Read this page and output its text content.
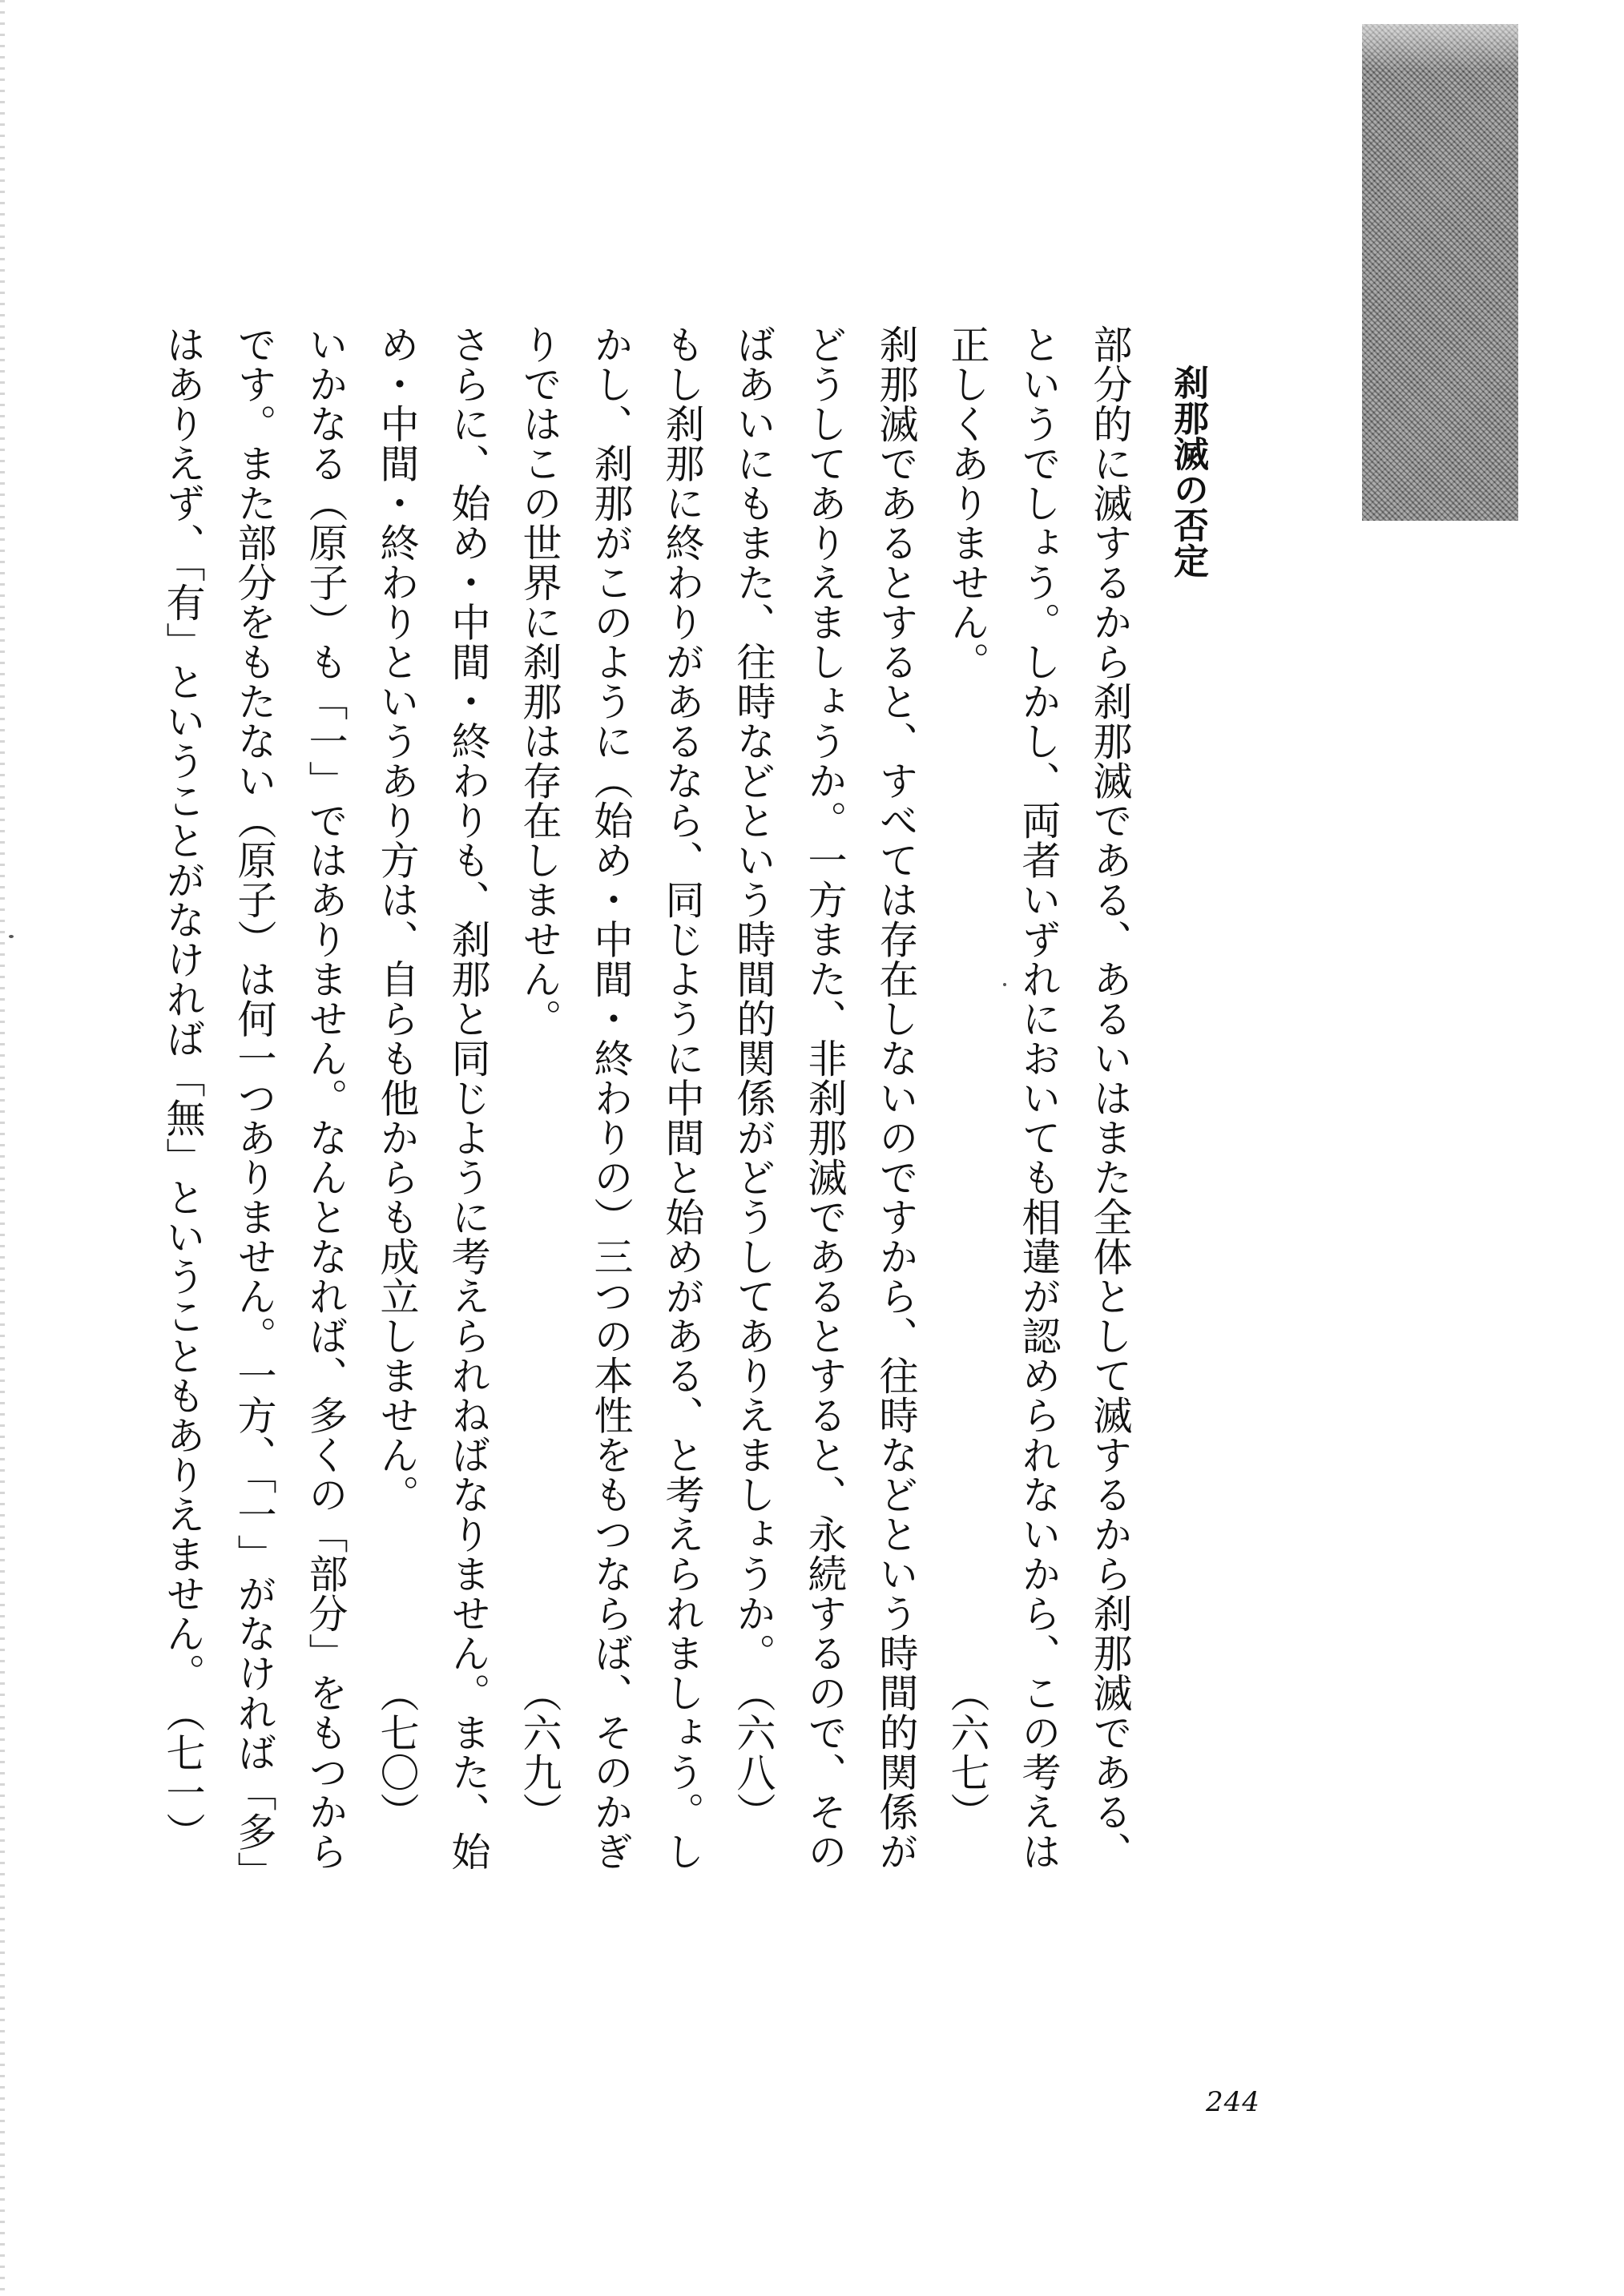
刹那滅の否定
部分的に滅するから刹那滅である、あるいはまた全体として滅するから刹那滅である、
というでしょう。しかし、両者いずれにおいても相違が認められないから、この考えは
正しくありません。　　　　　　　　　　　　　　　　　　　　　　　　　　（六七）
刹那滅であるとすると、すべては存在しないのですから、往時などという時間的関係が
どうしてありえましょうか。一方また、非刹那滅であるとすると、永続するので、その
ばあいにもまた、往時などという時間的関係がどうしてありえましょうか。　（六八）
もし刹那に終わりがあるなら、同じように中間と始めがある、と考えられましょう。し
かし、刹那がこのように（始め・中間・終わりの）三つの本性をもつならば、そのかぎ
りではこの世界に刹那は存在しません。　　　　　　　　　　　　　　　　　（六九）
さらに、始め・中間・終わりも、刹那と同じように考えられねばなりません。また、始
め・中間・終わりというあり方は、自らも他からも成立しません。　　　　　（七〇）
いかなる（原子）も「一」ではありません。なんとなれば、多くの「部分」をもつから
です。また部分をもたない（原子）は何一つありません。一方、「一」がなければ「多」
はありえず、「有」ということがなければ「無」ということもありえません。　（七一）
244
